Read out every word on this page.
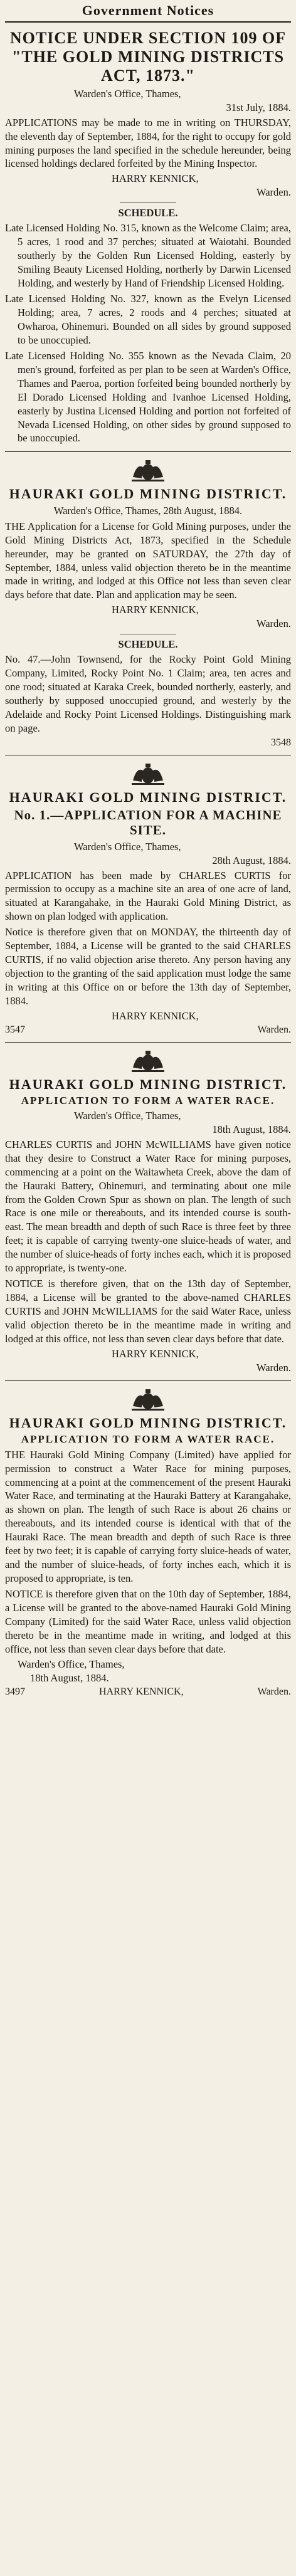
Government Notices
NOTICE UNDER SECTION 109 OF "THE GOLD MINING DISTRICTS ACT, 1873."
Warden's Office, Thames,
31st July, 1884.

APPLICATIONS may be made to me in writing on THURSDAY, the eleventh day of September, 1884, for the right to occupy for gold mining purposes the land specified in the schedule hereunder, being licensed holdings declared forfeited by the Mining Inspector.

HARRY KENNICK,
Warden.
SCHEDULE.

Late Licensed Holding No. 315, known as the Welcome Claim; area, 5 acres, 1 rood and 37 perches; situated at Waiotahi. Bounded southerly by the Golden Run Licensed Holding, easterly by Smiling Beauty Licensed Holding, northerly by Darwin Licensed Holding, and westerly by Hand of Friendship Licensed Holding.

Late Licensed Holding No. 327, known as the Evelyn Licensed Holding; area, 7 acres, 2 roods and 4 perches; situated at Owharoa, Ohinemuri. Bounded on all sides by ground supposed to be unoccupied.

Late Licensed Holding No. 355 known as the Nevada Claim, 20 men's ground, forfeited as per plan to be seen at Warden's Office, Thames and Paeroa, portion forfeited being bounded northerly by El Dorado Licensed Holding and Ivanhoe Licensed Holding, easterly by Justina Licensed Holding and portion not forfeited of Nevada Licensed Holding, on other sides by ground supposed to be unoccupied.

HAURAKI GOLD MINING DISTRICT.
Warden's Office, Thames, 28th August, 1884.

THE Application for a License for Gold Mining purposes, under the Gold Mining Districts Act, 1873, specified in the Schedule hereunder, may be granted on SATURDAY, the 27th day of September, 1884, unless valid objection thereto be in the meantime made in writing, and lodged at this Office not less than seven clear days before that date. Plan and application may be seen.

HARRY KENNICK,
Warden.
SCHEDULE.

No. 47.—John Townsend, for the Rocky Point Gold Mining Company, Limited, Rocky Point No. 1 Claim; area, ten acres and one rood; situated at Karaka Creek, bounded northerly, easterly, and southerly by supposed unoccupied ground, and westerly by the Adelaide and Rocky Point Licensed Holdings. Distinguishing mark on page.

3548
HAURAKI GOLD MINING DISTRICT.
No. 1.—APPLICATION FOR A MACHINE SITE.
Warden's Office, Thames,
28th August, 1884.

APPLICATION has been made by CHARLES CURTIS for permission to occupy as a machine site an area of one acre of land, situated at Karangahake, in the Hauraki Gold Mining District, as shown on plan lodged with application.

Notice is therefore given that on MONDAY, the thirteenth day of September, 1884, a License will be granted to the said CHARLES CURTIS, if no valid objection arise thereto. Any person having any objection to the granting of the said application must lodge the same in writing at this Office on or before the 13th day of September, 1884.

HARRY KENNICK,
3547	Warden.
HAURAKI GOLD MINING DISTRICT.
APPLICATION TO FORM A WATER RACE.
Warden's Office, Thames,
18th August, 1884.

CHARLES CURTIS and JOHN McWILLIAMS have given notice that they desire to Construct a Water Race for mining purposes, commencing at a point on the Waitawheta Creek, above the dam of the Hauraki Battery, Ohinemuri, and terminating about one mile from the Golden Crown Spur as shown on plan. The length of such Race is one mile or thereabouts, and its intended course is south-east. The mean breadth and depth of such Race is three feet by three feet; it is capable of carrying twenty-one sluice-heads of water, and the number of sluice-heads of forty inches each, which it is proposed to appropriate, is twenty-one.

NOTICE is therefore given, that on the 13th day of September, 1884, a License will be granted to the above-named CHARLES CURTIS and JOHN McWILLIAMS for the said Water Race, unless valid objection thereto be in the meantime made in writing and lodged at this office, not less than seven clear days before that date.

HARRY KENNICK,
Warden.
HAURAKI GOLD MINING DISTRICT.
APPLICATION TO FORM A WATER RACE.

THE Hauraki Gold Mining Company (Limited) have applied for permission to construct a Water Race for mining purposes, commencing at a point at the commencement of the present Hauraki Water Race, and terminating at the Hauraki Battery at Karangahake, as shown on plan. The length of such Race is about 26 chains or thereabouts, and its intended course is identical with that of the Hauraki Race. The mean breadth and depth of such Race is three feet by two feet; it is capable of carrying forty sluice-heads of water, and the number of sluice-heads, of forty inches each, which it is proposed to appropriate, is ten.

NOTICE is therefore given that on the 10th day of September, 1884, a License will be granted to the above-named Hauraki Gold Mining Company (Limited) for the said Water Race, unless valid objection thereto be in the meantime made in writing, and lodged at this office, not less than seven clear days before that date.

Warden's Office, Thames,
18th August, 1884.
3497	HARRY KENNICK,	Warden.
